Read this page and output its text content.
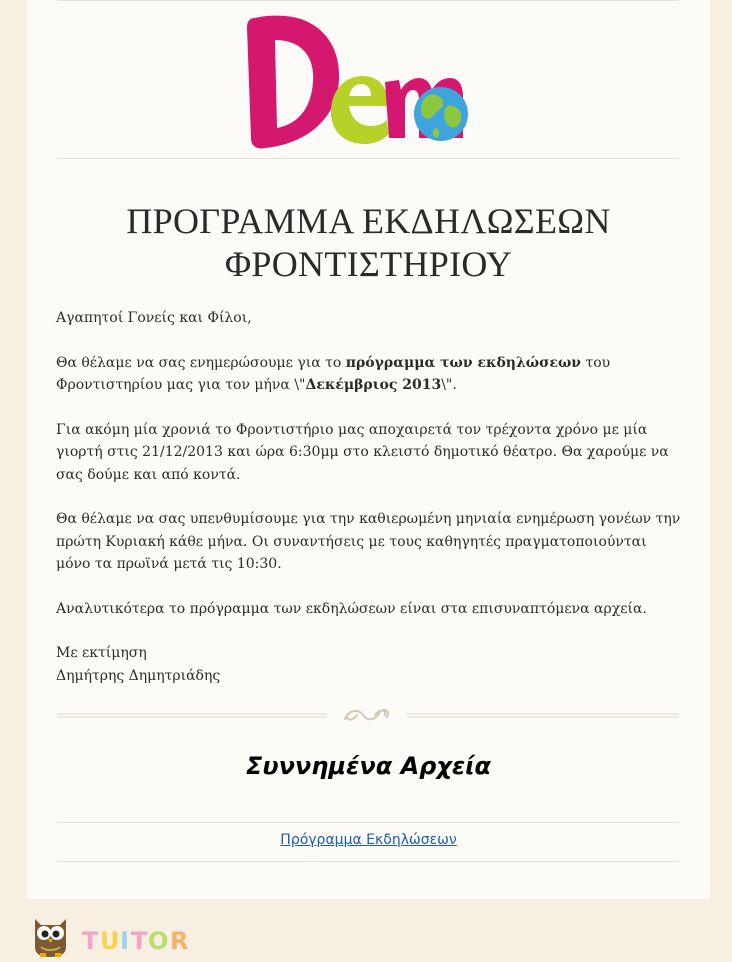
Demo
ΠΡΟΓΡΑΜΜΑ ΕΚΔΗΛΩΣΕΩΝ
ΦΡΟΝΤΙΣΤΗΡΙΟΥ

Αγαπητοί Γονείς και Φίλοι,

Θα θέλαμε να σας ενημερώσουμε για το πρόγραμμα των εκδηλώσεων του Φροντιστηρίου μας για τον μήνα \"Δεκέμβριος 2013\".

Για ακόμη μία χρονιά το Φροντιστήριο μας αποχαιρετά τον τρέχοντα χρόνο με μία γιορτή στις 21/12/2013 και ώρα 6:30μμ στο κλειστό δημοτικό θέατρο. Θα χαρούμε να σας δούμε και από κοντά.

Θα θέλαμε να σας υπενθυμίσουμε για την καθιερωμένη μηνιαία ενημέρωση γονέων την πρώτη Κυριακή κάθε μήνα. Οι συναντήσεις με τους καθηγητές πραγματοποιούνται μόνο τα πρωϊνά μετά τις 10:30.

Αναλυτικότερα το πρόγραμμα των εκδηλώσεων είναι στα επισυναπτόμενα αρχεία.

Με εκτίμηση
Δημήτρης Δημητριάδης
Συννημένα Αρχεία
Πρόγραμμα Εκδηλώσεων
T U I T O R
TUITOR
